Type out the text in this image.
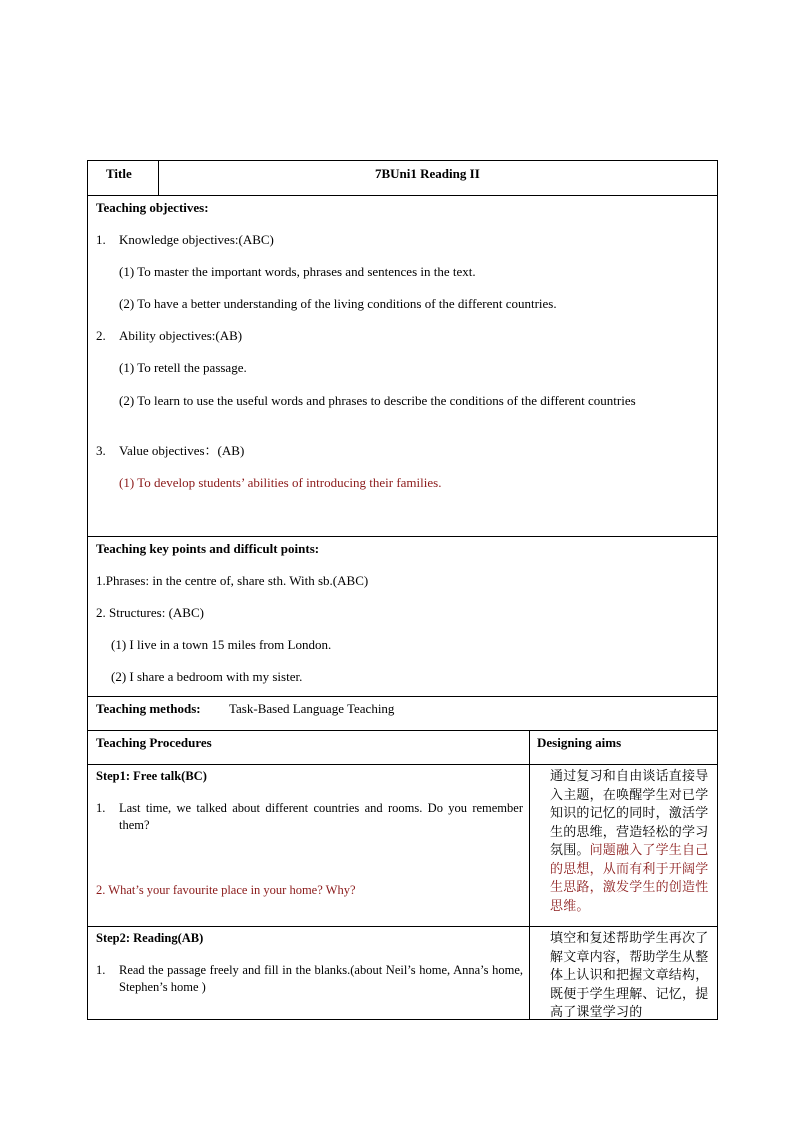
Title	7BUni1 Reading II
Teaching objectives:
1. Knowledge objectives:(ABC)
(1) To master the important words, phrases and sentences in the text.
(2) To have a better understanding of the living conditions of the different countries.
2. Ability objectives:(AB)
(1) To retell the passage.
(2) To learn to use the useful words and phrases to describe the conditions of the different countries
3. Value objectives：(AB)
(1) To develop students’ abilities of introducing their families.
Teaching key points and difficult points:
1.Phrases: in the centre of, share sth. With sb.(ABC)
2. Structures: (ABC)
(1) I live in a town 15 miles from London.
(2) I share a bedroom with my sister.
Teaching methods: Task-Based Language Teaching
Teaching Procedures	Designing aims
Step1: Free talk(BC)
1. Last time, we talked about different countries and rooms. Do you remember them?
2. What’s your favourite place in your home? Why?
通过复习和自由谈话直接导入主题，在唤醒学生对已学知识的记忆的同时，激活学生的思维，营造轻松的学习氛围。问题融入了学生自己的思想，从而有利于开阔学生思路，激发学生的创造性思维。
Step2: Reading(AB)
1. Read the passage freely and fill in the blanks.(about Neil’s home, Anna’s home, Stephen’s home )
填空和复述帮助学生再次了解文章内容，帮助学生从整体上认识和把握文章结构，既便于学生理解、记忆，提高了课堂学习的
